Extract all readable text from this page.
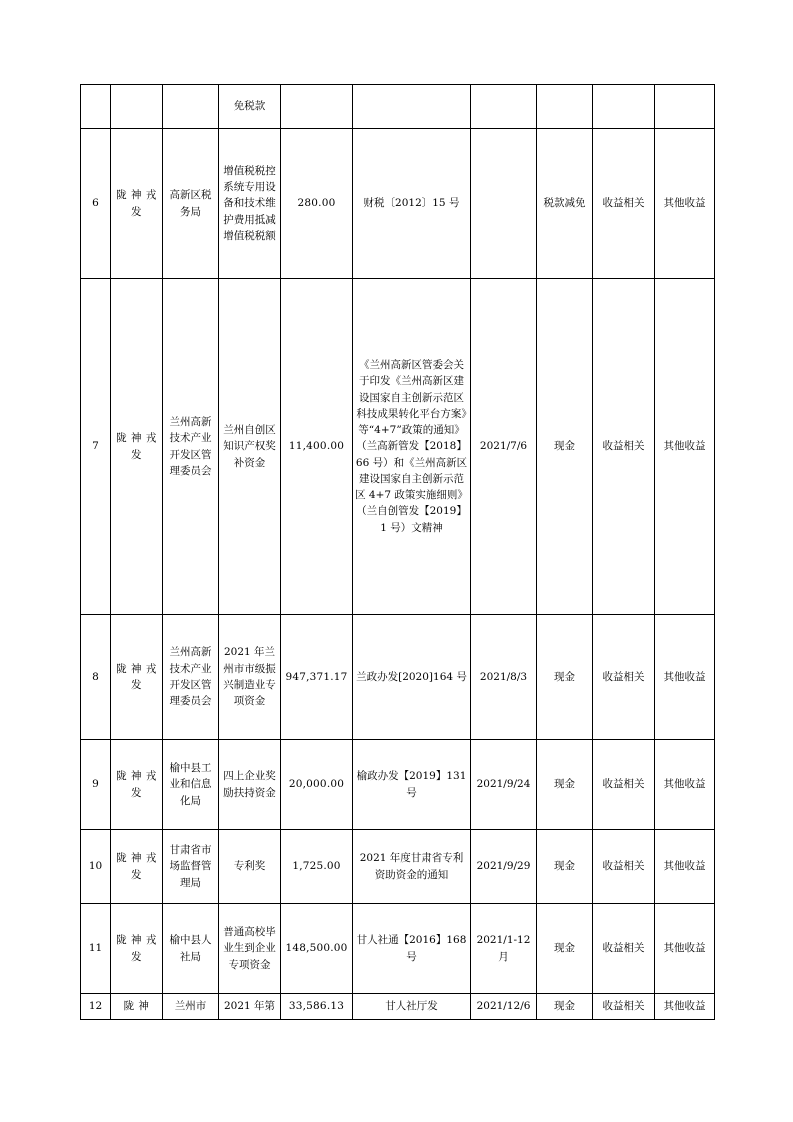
			免税款						
6	陇 神 戎发	高新区税务局	增值税税控系统专用设备和技术维护费用抵减增值税税额	280.00	财税〔2012〕15 号		税款减免	收益相关	其他收益
7	陇 神 戎发	兰州高新技术产业开发区管理委员会	兰州自创区知识产权奖补资金	11,400.00	《兰州高新区管委会关于印发《兰州高新区建设国家自主创新示范区科技成果转化平台方案》等“4+7”政策的通知》（兰高新管发【2018】66 号）和《兰州高新区建设国家自主创新示范区 4+7 政策实施细则》（兰自创管发【2019】1 号）文精神	2021/7/6	现金	收益相关	其他收益
8	陇 神 戎发	兰州高新技术产业开发区管理委员会	2021 年兰州市市级振兴制造业专项资金	947,371.17	兰政办发[2020]164 号	2021/8/3	现金	收益相关	其他收益
9	陇 神 戎发	榆中县工业和信息化局	四上企业奖励扶持资金	20,000.00	榆政办发【2019】131 号	2021/9/24	现金	收益相关	其他收益
10	陇 神 戎发	甘肃省市场监督管理局	专利奖	1,725.00	2021 年度甘肃省专利资助资金的通知	2021/9/29	现金	收益相关	其他收益
11	陇 神 戎发	榆中县人社局	普通高校毕业生到企业专项资金	148,500.00	甘人社通【2016】168 号	2021/1-12 月	现金	收益相关	其他收益
12	陇 神	兰州市	2021 年第	33,586.13	甘人社厅发	2021/12/6	现金	收益相关	其他收益
